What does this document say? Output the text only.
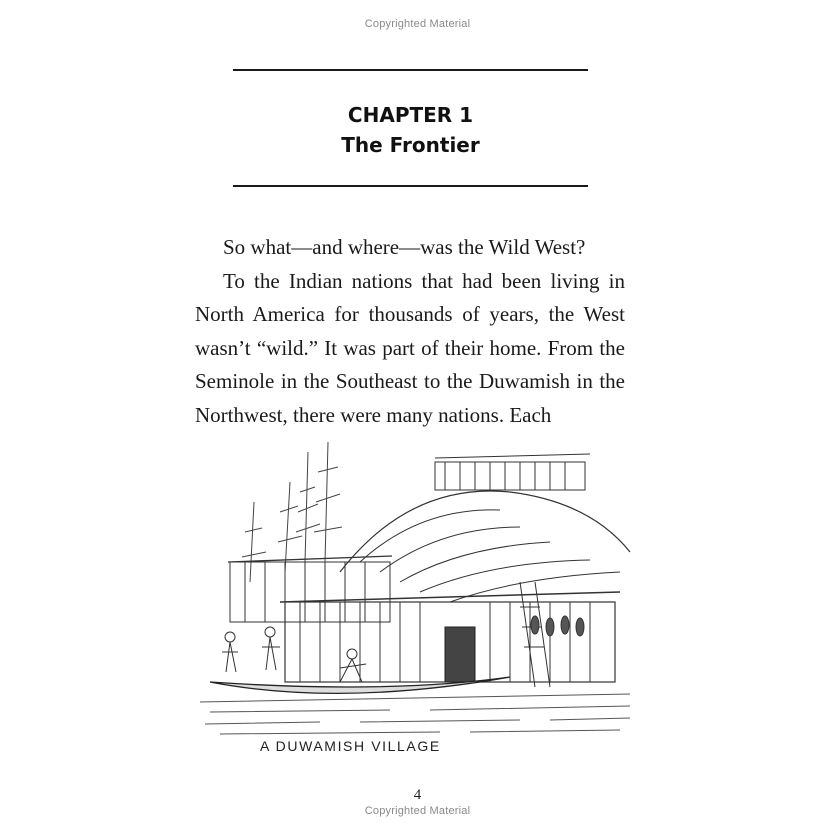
Copyrighted Material
CHAPTER 1
The Frontier

So what—and where—was the Wild West?

To the Indian nations that had been living in North America for thousands of years, the West wasn’t “wild.” It was part of their home. From the Seminole in the Southeast to the Duwamish in the Northwest, there were many nations. Each

A DUWAMISH VILLAGE
4
Copyrighted Material
